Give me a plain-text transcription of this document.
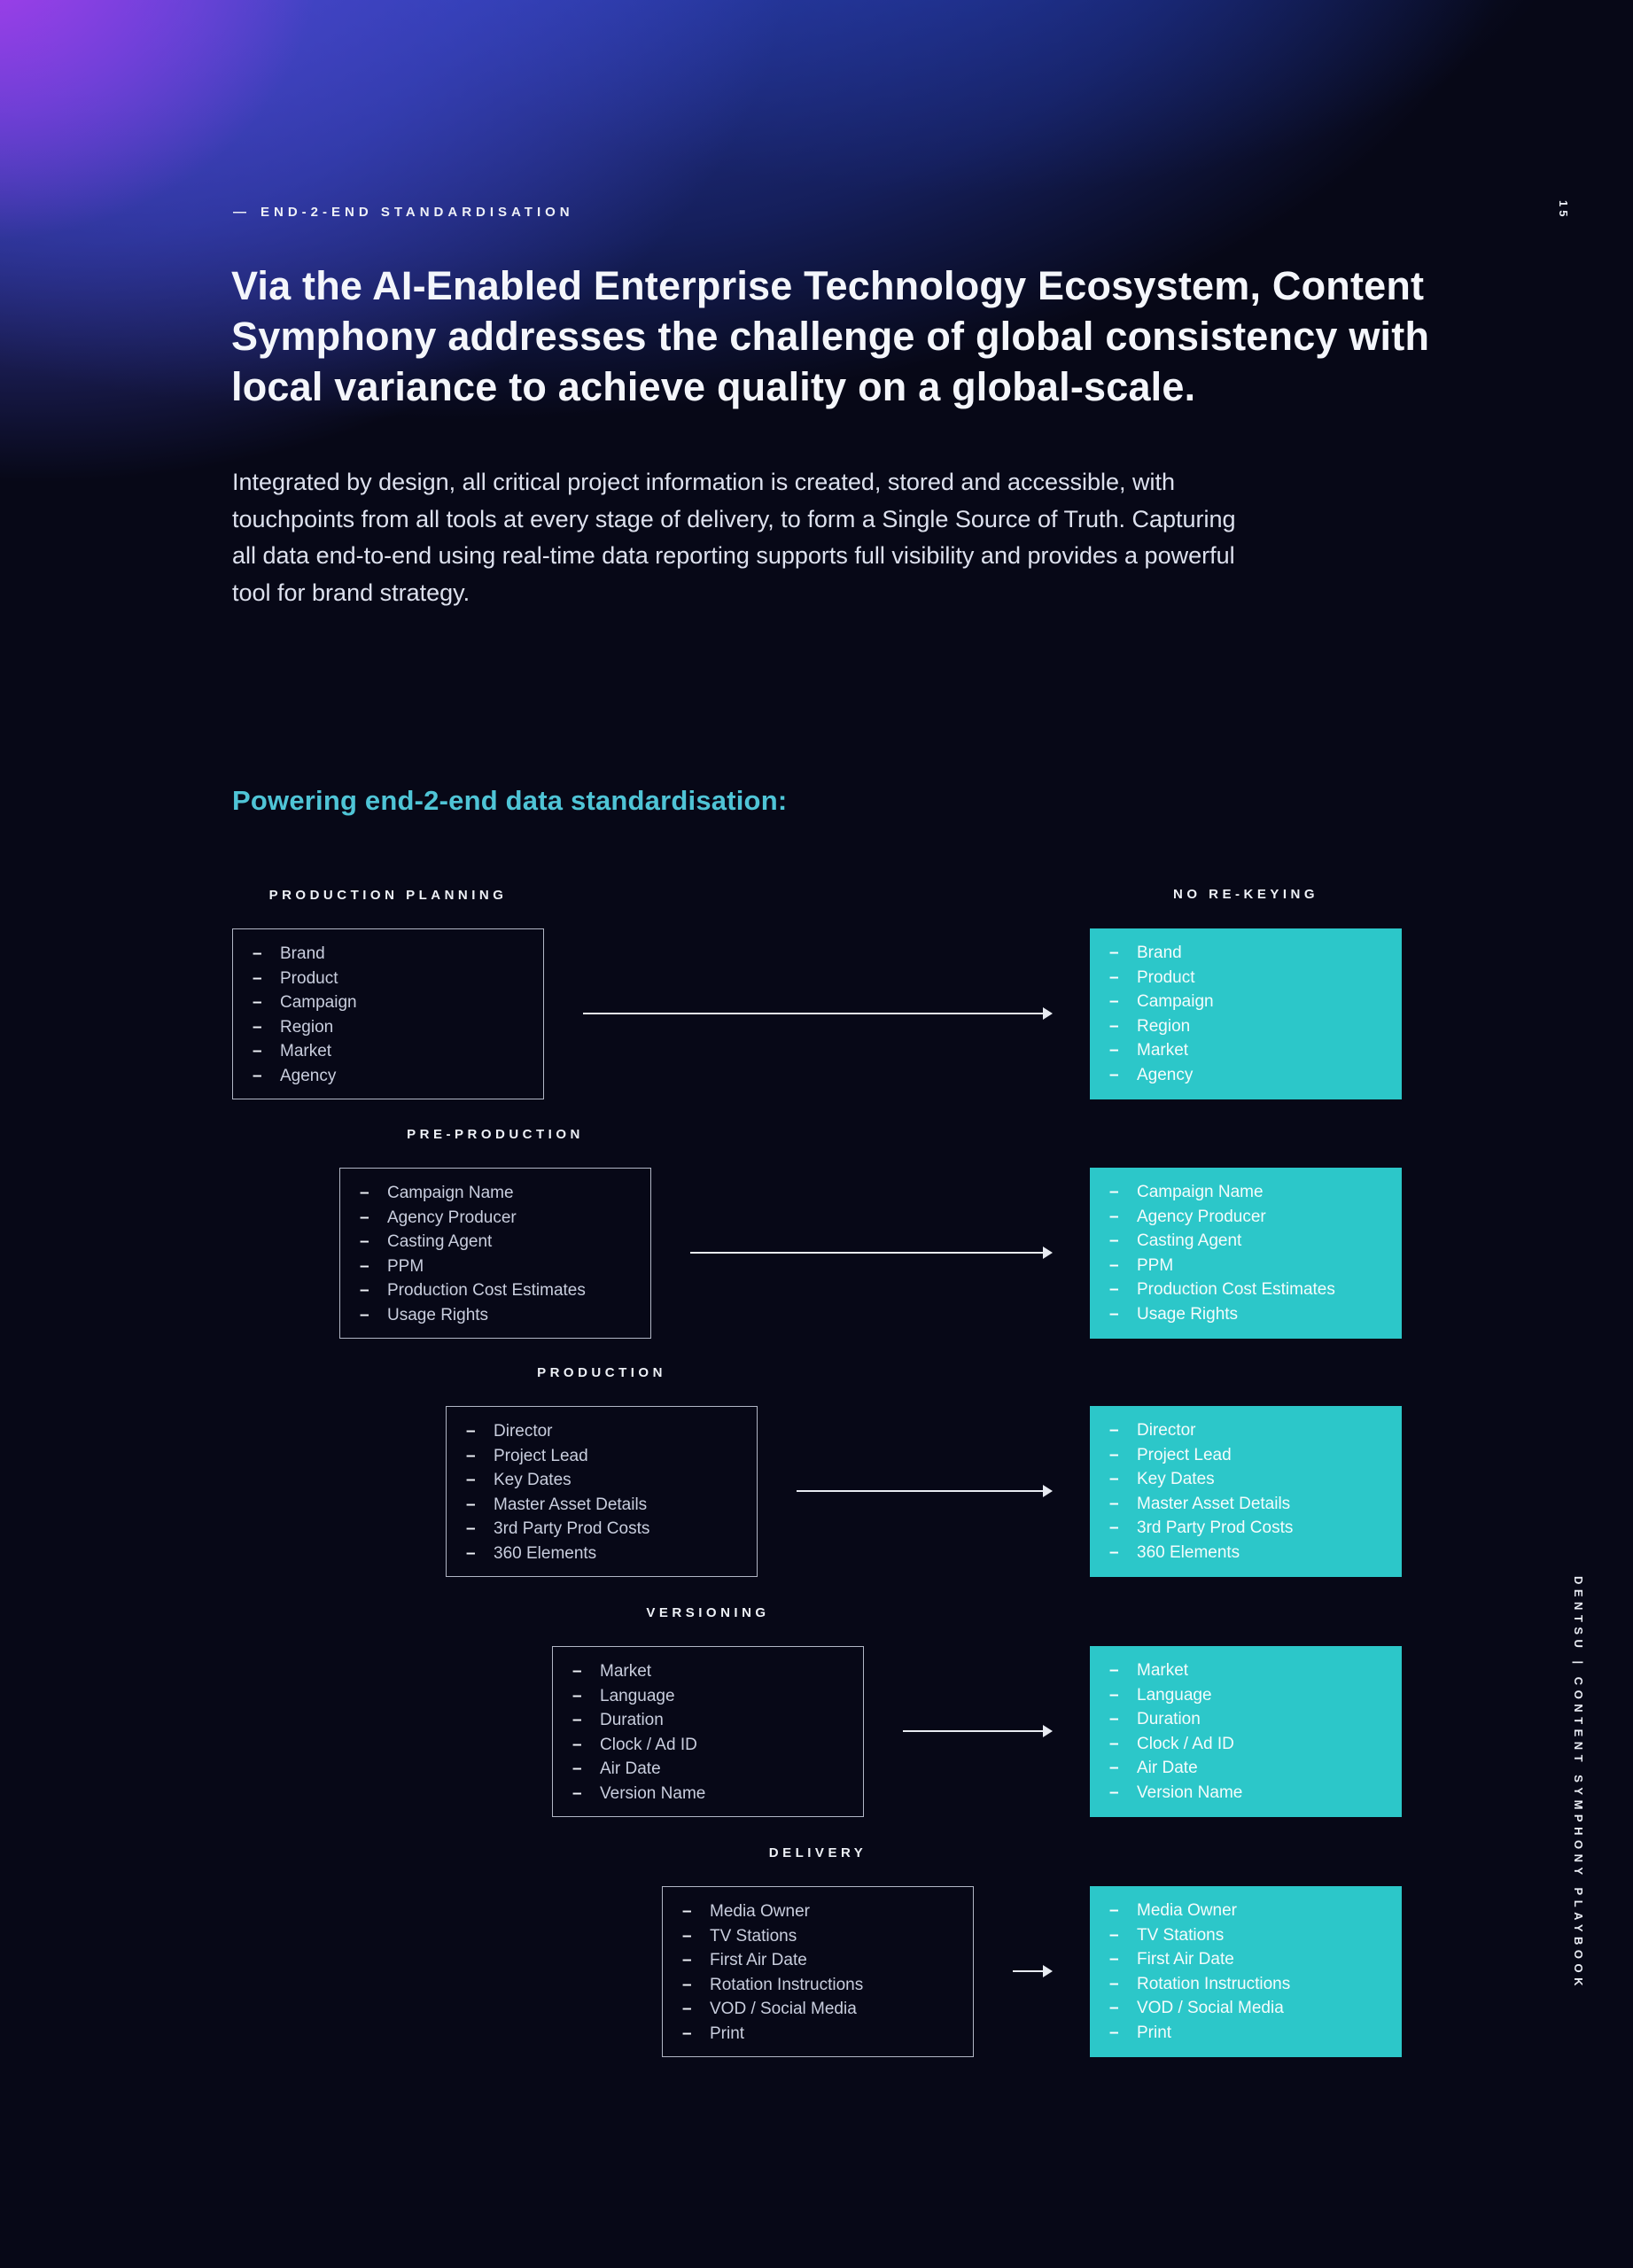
— END-2-END STANDARDISATION	15
Via the AI-Enabled Enterprise Technology Ecosystem, Content
Symphony addresses the challenge of global consistency with
local variance to achieve quality on a global-scale.
Integrated by design, all critical project information is created, stored and accessible, with
touchpoints from all tools at every stage of delivery, to form a Single Source of Truth. Capturing
all data end-to-end using real-time data reporting supports full visibility and provides a powerful
tool for brand strategy.
Powering end-2-end data standardisation:
NO RE-KEYING
PRODUCTION PLANNING
–	Brand
–	Product
–	Campaign
–	Region
–	Market
–	Agency
–	Brand
–	Product
–	Campaign
–	Region
–	Market
–	Agency
PRE-PRODUCTION
–	Campaign Name
–	Agency Producer
–	Casting Agent
–	PPM
–	Production Cost Estimates
–	Usage Rights
–	Campaign Name
–	Agency Producer
–	Casting Agent
–	PPM
–	Production Cost Estimates
–	Usage Rights
PRODUCTION
–	Director
–	Project Lead
–	Key Dates
–	Master Asset Details
–	3rd Party Prod Costs
–	360 Elements
–	Director
–	Project Lead
–	Key Dates
–	Master Asset Details
–	3rd Party Prod Costs
–	360 Elements
VERSIONING
–	Market
–	Language
–	Duration
–	Clock / Ad ID
–	Air Date
–	Version Name
–	Market
–	Language
–	Duration
–	Clock / Ad ID
–	Air Date
–	Version Name
DELIVERY
–	Media Owner
–	TV Stations
–	First Air Date
–	Rotation Instructions
–	VOD / Social Media
–	Print
–	Media Owner
–	TV Stations
–	First Air Date
–	Rotation Instructions
–	VOD / Social Media
–	Print
DENTSU | CONTENT SYMPHONY PLAYBOOK
